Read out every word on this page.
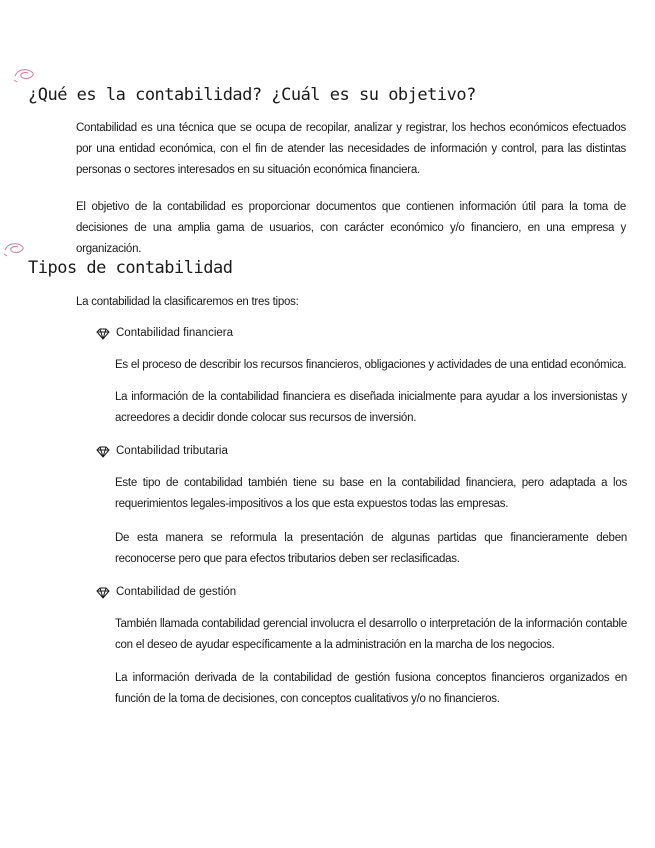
¿Qué es la contabilidad? ¿Cuál es su objetivo?

Contabilidad es una técnica que se ocupa de recopilar, analizar y registrar, los hechos económicos efectuados por una entidad económica, con el fin de atender las necesidades de información y control, para las distintas personas o sectores interesados en su situación económica financiera.

El objetivo de la contabilidad es proporcionar documentos que contienen información útil para la toma de decisiones de una amplia gama de usuarios, con carácter económico y/o financiero, en una empresa y organización.

Tipos de contabilidad

La contabilidad la clasificaremos en tres tipos:

Contabilidad financiera

Es el proceso de describir los recursos financieros, obligaciones y actividades de una entidad económica.

La información de la contabilidad financiera es diseñada inicialmente para ayudar a los inversionistas y acreedores a decidir donde colocar sus recursos de inversión.

Contabilidad tributaria

Este tipo de contabilidad también tiene su base en la contabilidad financiera, pero adaptada a los requerimientos legales-impositivos a los que esta expuestos todas las empresas.

De esta manera se reformula la presentación de algunas partidas que financieramente deben reconocerse pero que para efectos tributarios deben ser reclasificadas.

Contabilidad de gestión

También llamada contabilidad gerencial involucra el desarrollo o interpretación de la información contable con el deseo de ayudar específicamente a la administración en la marcha de los negocios.

La información derivada de la contabilidad de gestión fusiona conceptos financieros organizados en función de la toma de decisiones, con conceptos cualitativos y/o no financieros.
